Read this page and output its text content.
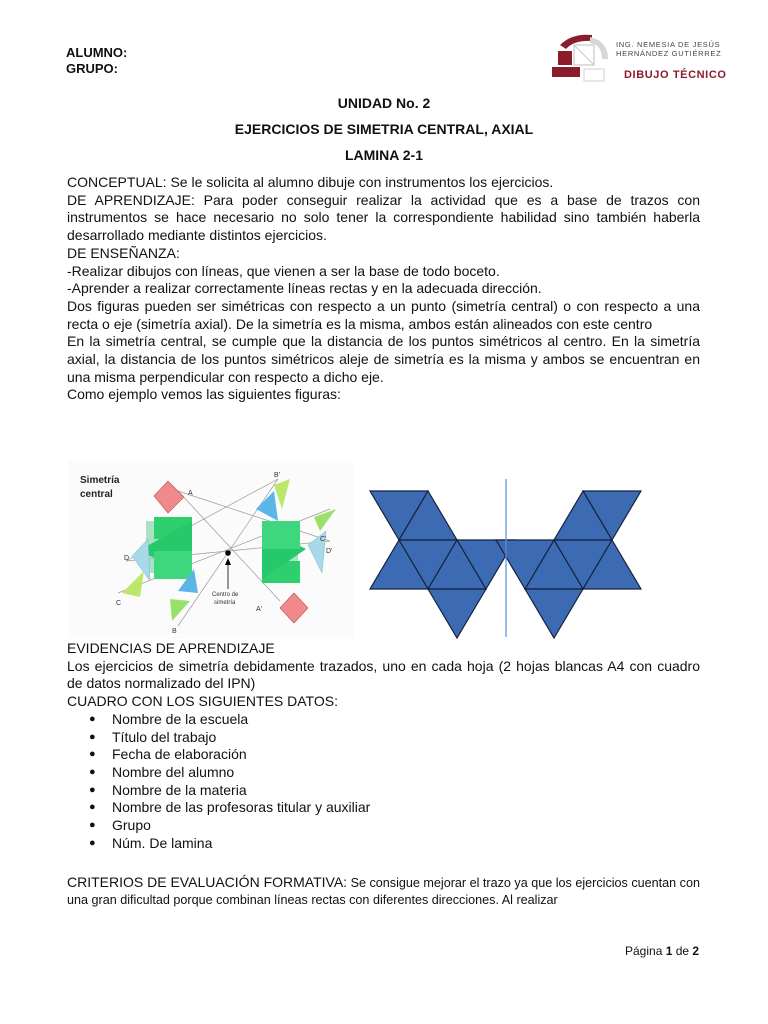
ALUMNO:
GRUPO:
ING. NEMESIA DE JESÚS
HERNÁNDEZ GUTIÉRREZ
DIBUJO TÉCNICO
UNIDAD No. 2
EJERCICIOS DE SIMETRIA CENTRAL, AXIAL
LAMINA 2-1

CONCEPTUAL: Se le solicita al alumno dibuje con instrumentos los ejercicios.

DE APRENDIZAJE: Para poder conseguir realizar la actividad que es a base de trazos con instrumentos se hace necesario no solo tener la correspondiente habilidad sino también haberla desarrollado mediante distintos ejercicios.

DE ENSEÑANZA:

-Realizar dibujos con líneas, que vienen a ser la base de todo boceto.

-Aprender a realizar correctamente líneas rectas y en la adecuada dirección.

Dos figuras pueden ser simétricas con respecto a un punto (simetría central) o con respecto a una recta o eje (simetría axial). De la simetría es la misma, ambos están alineados con este centro

En la simetría central, se cumple que la distancia de los puntos simétricos al centro. En la simetría axial, la distancia de los puntos simétricos aleje de simetría es la misma y ambos se encuentran en una misma perpendicular con respecto a dicho eje.

Como ejemplo vemos las siguientes figuras:

Simetría
central
Centro de
simetría
A
B
C
D
A'
B'
C'
D'

EVIDENCIAS DE APRENDIZAJE

Los ejercicios de simetría debidamente trazados, uno en cada hoja (2 hojas blancas A4 con cuadro de datos normalizado del IPN)

CUADRO CON LOS SIGUIENTES DATOS:

● Nombre de la escuela
● Título del trabajo
● Fecha de elaboración
● Nombre del alumno
● Nombre de la materia
● Nombre de las profesoras titular y auxiliar
● Grupo
● Núm. De lamina
CRITERIOS DE EVALUACIÓN FORMATIVA: Se consigue mejorar el trazo ya que los ejercicios cuentan con una gran dificultad porque combinan líneas rectas con diferentes direcciones. Al realizar
Página 1 de 2
